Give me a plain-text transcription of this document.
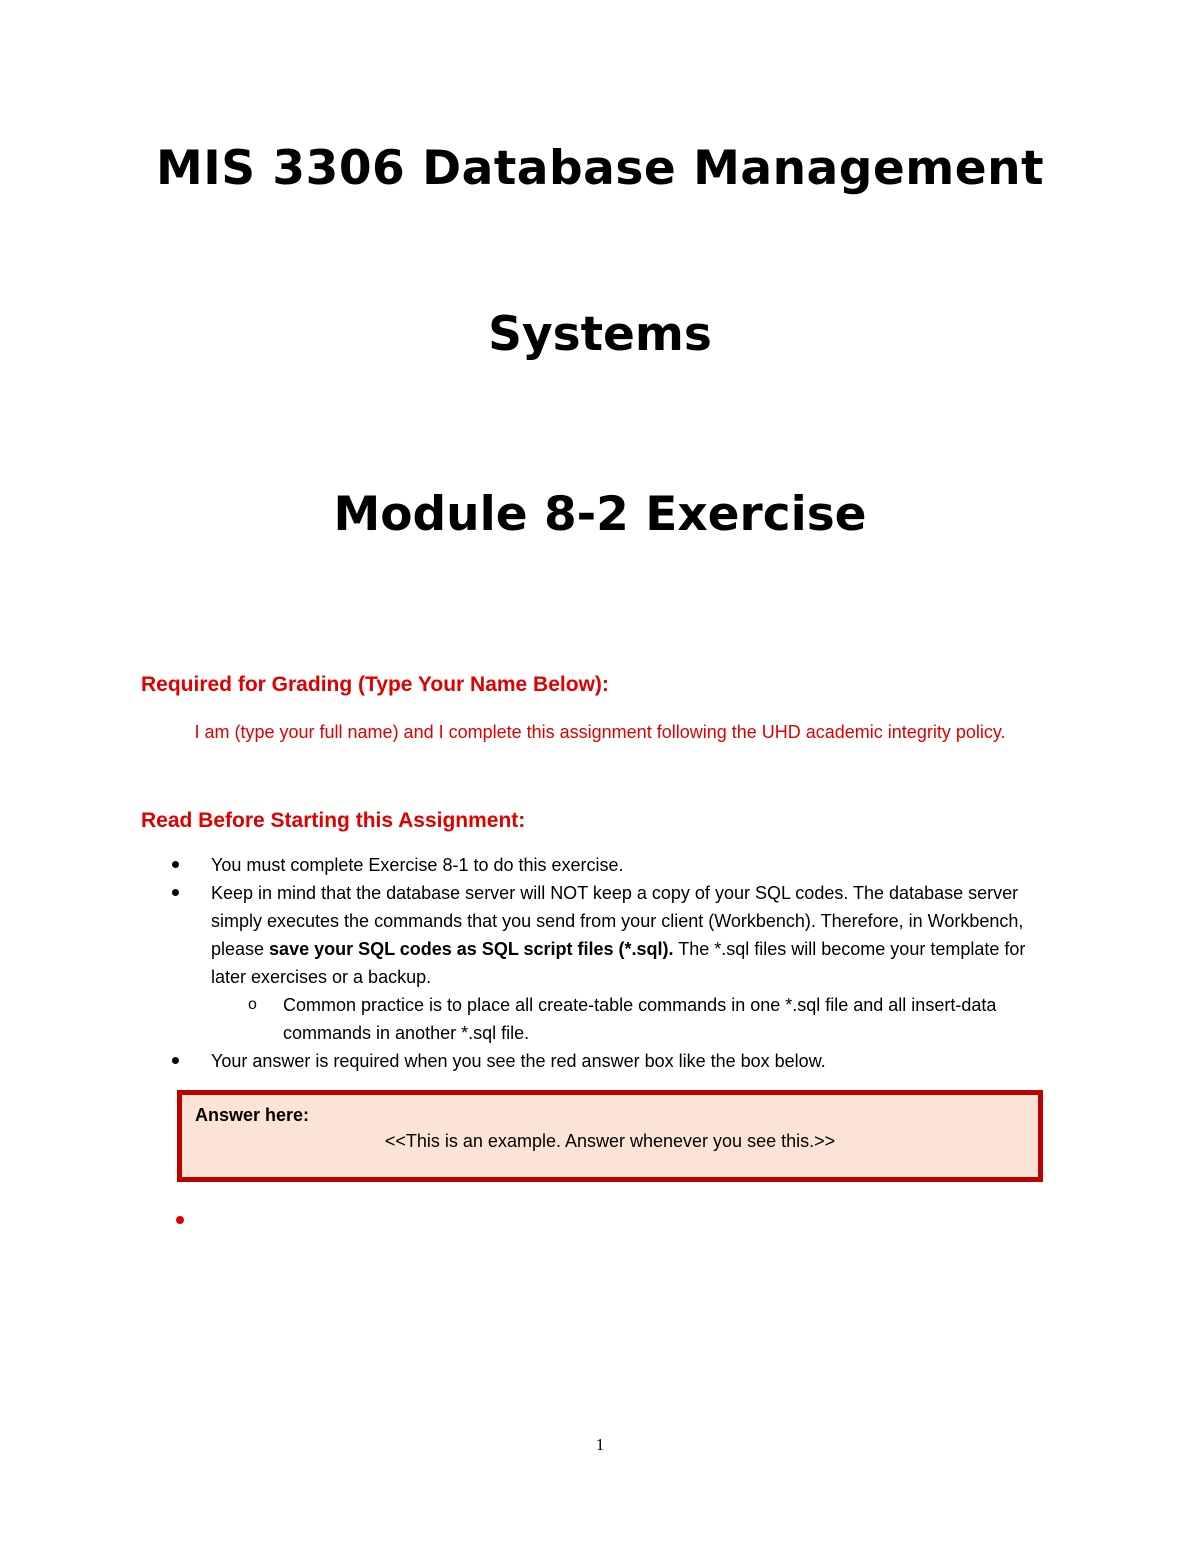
MIS 3306 Database Management
Systems
Module 8-2 Exercise
Required for Grading (Type Your Name Below):
I am (type your full name) and I complete this assignment following the UHD academic integrity policy.
Read Before Starting this Assignment:
You must complete Exercise 8-1 to do this exercise.
Keep in mind that the database server will NOT keep a copy of your SQL codes. The database server simply executes the commands that you send from your client (Workbench). Therefore, in Workbench, please save your SQL codes as SQL script files (*.sql). The *.sql files will become your template for later exercises or a backup.
o Common practice is to place all create-table commands in one *.sql file and all insert-data commands in another *.sql file.
Your answer is required when you see the red answer box like the box below.
Answer here:
<<This is an example. Answer whenever you see this.>>
1
